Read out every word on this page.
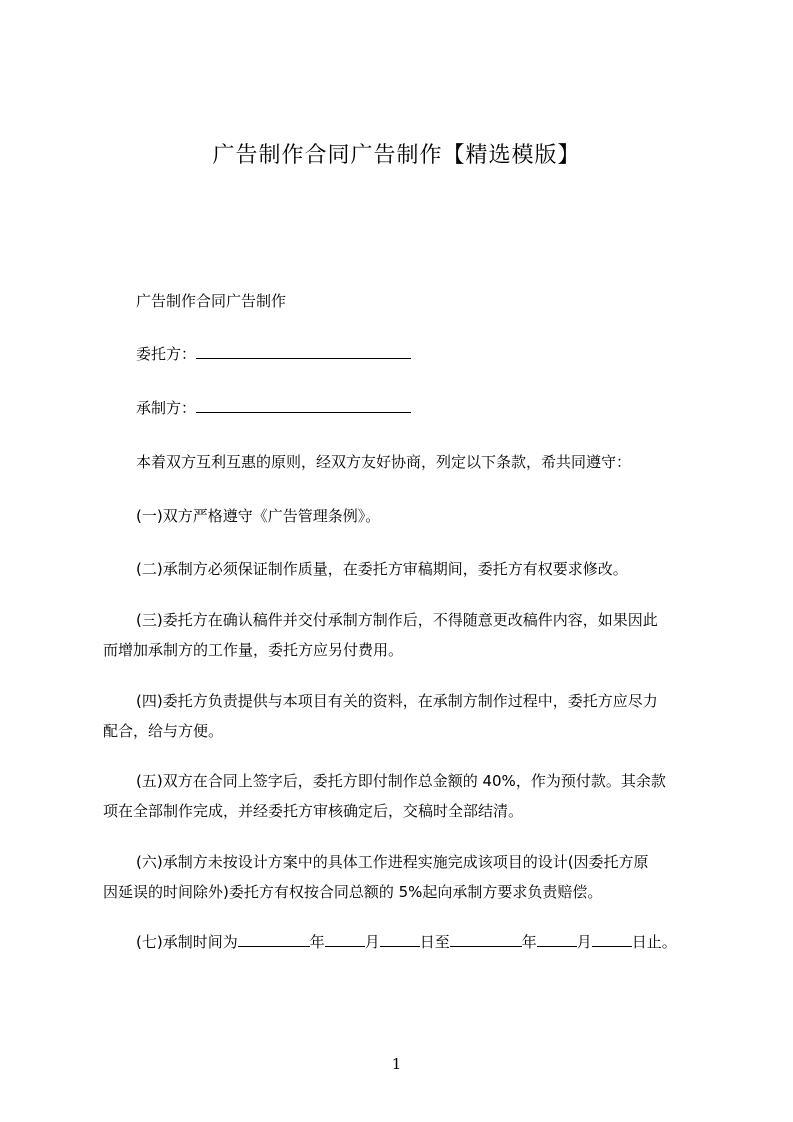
广告制作合同广告制作【精选模版】

广告制作合同广告制作

委托方：

承制方：

本着双方互利互惠的原则，经双方友好协商，列定以下条款，希共同遵守：

(一)双方严格遵守《广告管理条例》。

(二)承制方必须保证制作质量，在委托方审稿期间，委托方有权要求修改。

(三)委托方在确认稿件并交付承制方制作后，不得随意更改稿件内容，如果因此
而增加承制方的工作量，委托方应另付费用。
(四)委托方负责提供与本项目有关的资料，在承制方制作过程中，委托方应尽力
配合，给与方便。
(五)双方在合同上签字后，委托方即付制作总金额的 40%，作为预付款。其余款
项在全部制作完成，并经委托方审核确定后，交稿时全部结清。
(六)承制方未按设计方案中的具体工作进程实施完成该项目的设计(因委托方原
因延误的时间除外)委托方有权按合同总额的 5%起向承制方要求负责赔偿。

(七)承制时间为	年	月	日至	年	月	日止。

1
